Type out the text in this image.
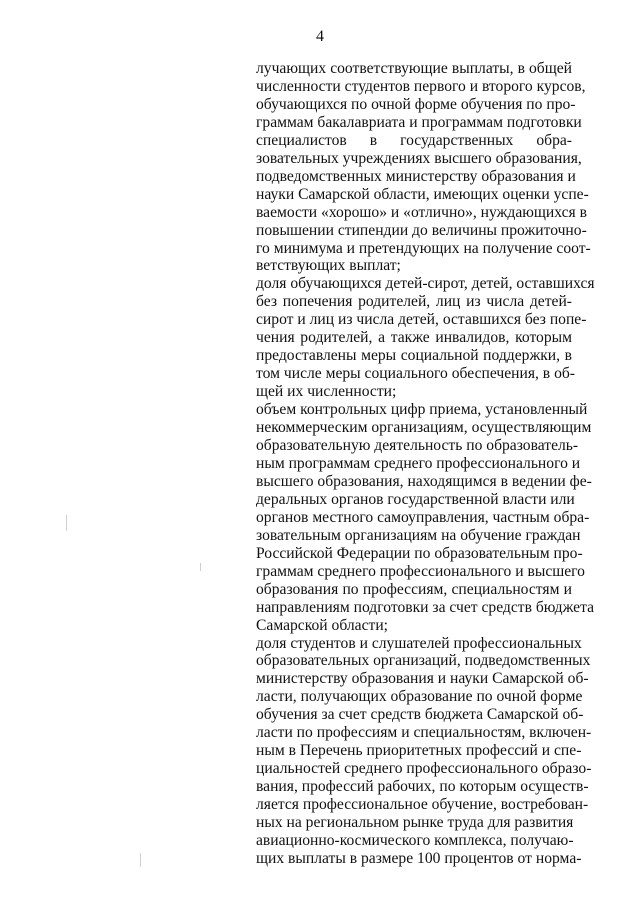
4
лучающих соответствующие выплаты, в общей
численности студентов первого и второго курсов,
обучающихся по очной форме обучения по про-
граммам бакалавриата и программам подготовки
специалистов в государственных обра-
зовательных учреждениях высшего образования,
подведомственных министерству образования и
науки Самарской области, имеющих оценки успе-
ваемости «хорошо» и «отлично», нуждающихся в
повышении стипендии до величины прожиточно-
го минимума и претендующих на получение соот-
ветствующих выплат;
доля обучающихся детей-сирот, детей, оставшихся
без попечения родителей, лиц из числа детей-
сирот и лиц из числа детей, оставшихся без попе-
чения родителей, а также инвалидов, которым
предоставлены меры социальной поддержки, в
том числе меры социального обеспечения, в об-
щей их численности;
объем контрольных цифр приема, установленный
некоммерческим организациям, осуществляющим
образовательную деятельность по образователь-
ным программам среднего профессионального и
высшего образования, находящимся в ведении фе-
деральных органов государственной власти или
органов местного самоуправления, частным обра-
зовательным организациям на обучение граждан
Российской Федерации по образовательным про-
граммам среднего профессионального и высшего
образования по профессиям, специальностям и
направлениям подготовки за счет средств бюджета
Самарской области;
доля студентов и слушателей профессиональных
образовательных организаций, подведомственных
министерству образования и науки Самарской об-
ласти, получающих образование по очной форме
обучения за счет средств бюджета Самарской об-
ласти по профессиям и специальностям, включен-
ным в Перечень приоритетных профессий и спе-
циальностей среднего профессионального образо-
вания, профессий рабочих, по которым осуществ-
ляется профессиональное обучение, востребован-
ных на региональном рынке труда для развития
авиационно-космического комплекса, получаю-
щих выплаты в размере 100 процентов от норма-
